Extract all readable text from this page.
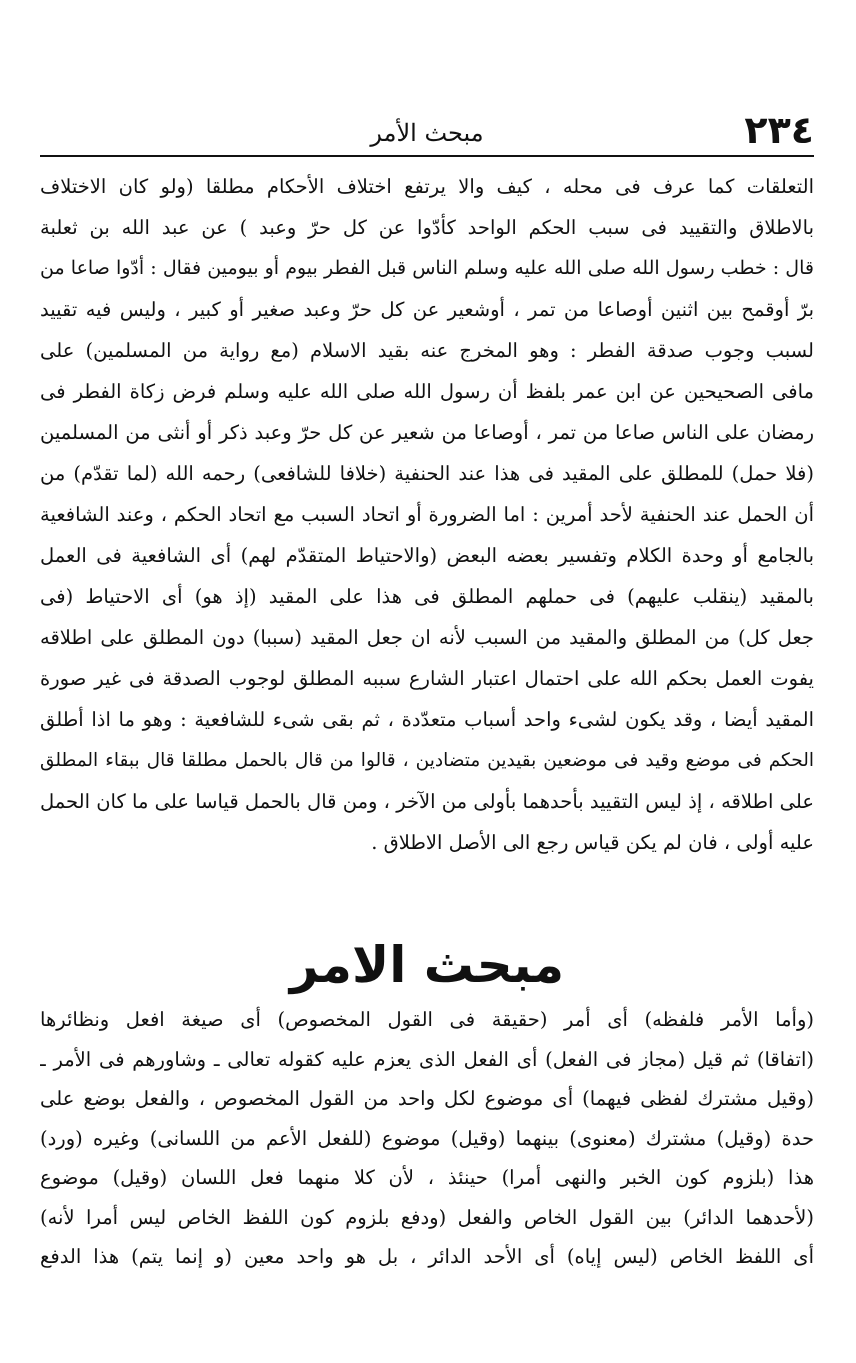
٢٣٤
مبحث الأمر
التعلقات كما عرف فى محله ، كيف والا يرتفع اختلاف الأحكام مطلقا (ولو كان الاختلاف
بالاطلاق والتقييد فى سبب الحكم الواحد كأدّوا عن كل حرّ وعبد ) عن عبد الله بن ثعلبة
قال : خطب رسول الله صلى الله عليه وسلم الناس قبل الفطر بيوم أو بيومين فقال : أدّوا صاعا من
برّ أوقمح بين اثنين أوصاعا من تمر ، أوشعير عن كل حرّ وعبد صغير أو كبير ، وليس فيه تقييد
لسبب وجوب صدقة الفطر : وهو المخرج عنه بقيد الاسلام (مع رواية من المسلمين) على
مافى الصحيحين عن ابن عمر بلفظ أن رسول الله صلى الله عليه وسلم فرض زكاة الفطر فى
رمضان على الناس صاعا من تمر ، أوصاعا من شعير عن كل حرّ وعبد ذكر أو أنثى من المسلمين
(فلا حمل) للمطلق على المقيد فى هذا عند الحنفية (خلافا للشافعى) رحمه الله (لما تقدّم) من
أن الحمل عند الحنفية لأحد أمرين : اما الضرورة أو اتحاد السبب مع اتحاد الحكم ، وعند الشافعية
بالجامع أو وحدة الكلام وتفسير بعضه البعض (والاحتياط المتقدّم لهم) أى الشافعية فى العمل
بالمقيد (ينقلب عليهم) فى حملهم المطلق فى هذا على المقيد (إذ هو) أى الاحتياط (فى
جعل كل) من المطلق والمقيد من السبب لأنه ان جعل المقيد (سببا) دون المطلق على اطلاقه
يفوت العمل بحكم الله على احتمال اعتبار الشارع سببه المطلق لوجوب الصدقة فى غير صورة
المقيد أيضا ، وقد يكون لشىء واحد أسباب متعدّدة ، ثم بقى شىء للشافعية : وهو ما اذا أطلق
الحكم فى موضع وقيد فى موضعين بقيدين متضادين ، قالوا من قال بالحمل مطلقا قال ببقاء المطلق
على اطلاقه ، إذ ليس التقييد بأحدهما بأولى من الآخر ، ومن قال بالحمل قياسا على ما كان الحمل
عليه أولى ، فان لم يكن قياس رجع الى الأصل الاطلاق .
مبحث الامر
(وأما الأمر فلفظه) أى أمر (حقيقة فى القول المخصوص) أى صيغة افعل ونظائرها
(اتفاقا) ثم قيل (مجاز فى الفعل) أى الفعل الذى يعزم عليه كقوله تعالى ـ وشاورهم فى الأمر ـ
(وقيل مشترك لفظى فيهما) أى موضوع لكل واحد من القول المخصوص ، والفعل بوضع على
حدة (وقيل) مشترك (معنوى) بينهما (وقيل) موضوع (للفعل الأعم من اللسانى) وغيره (ورد)
هذا (بلزوم كون الخبر والنهى أمرا) حينئذ ، لأن كلا منهما فعل اللسان (وقيل) موضوع
(لأحدهما الدائر) بين القول الخاص والفعل (ودفع بلزوم كون اللفظ الخاص ليس أمرا لأنه)
أى اللفظ الخاص (ليس إياه) أى الأحد الدائر ، بل هو واحد معين (و إنما يتم) هذا الدفع
